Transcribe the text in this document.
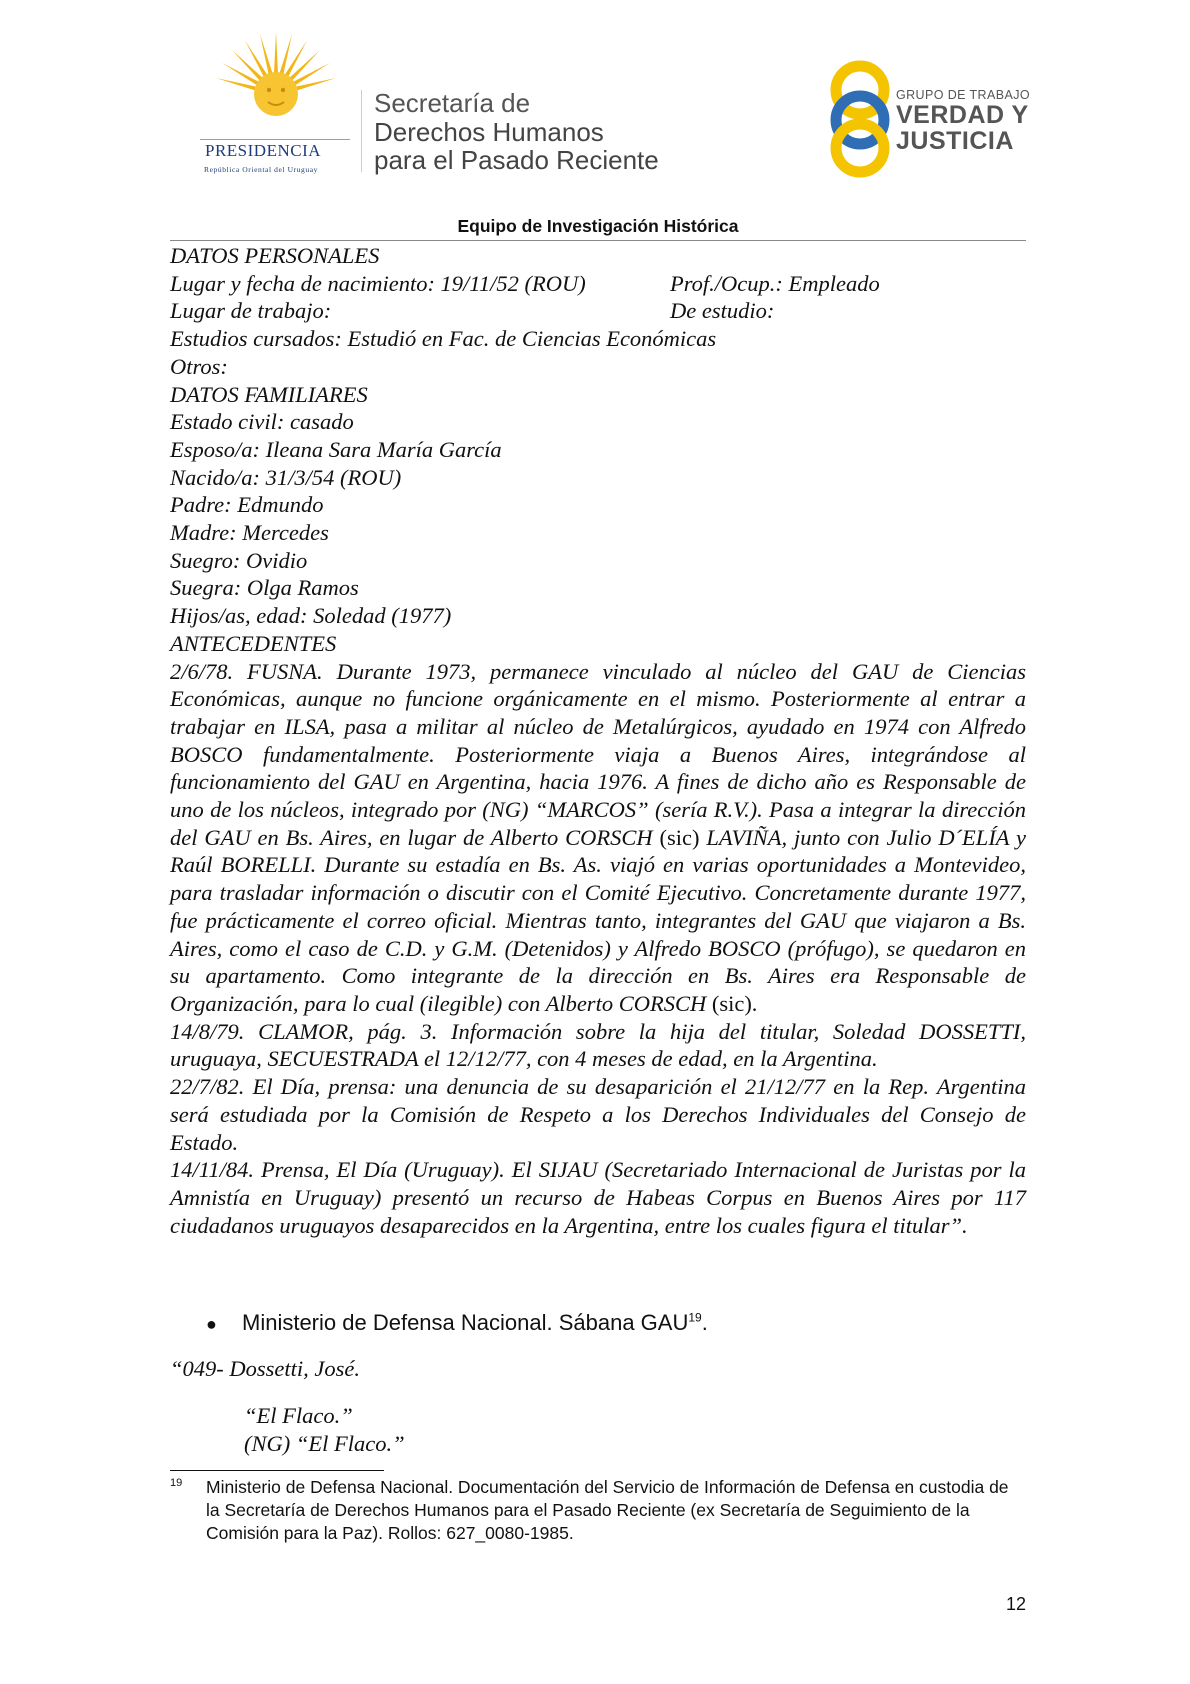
PRESIDENCIA
República Oriental del Uruguay
Secretaría de
Derechos Humanos
para el Pasado Reciente
GRUPO DE TRABAJO
VERDAD Y
JUSTICIA
Equipo de Investigación Histórica
DATOS PERSONALES
Lugar y fecha de nacimiento: 19/11/52 (ROU)	Prof./Ocup.: Empleado
Lugar de trabajo:	De estudio:
Estudios cursados: Estudió en Fac. de Ciencias Económicas
Otros:
DATOS FAMILIARES
Estado civil: casado
Esposo/a: Ileana Sara María García
Nacido/a: 31/3/54 (ROU)
Padre: Edmundo
Madre: Mercedes
Suegro: Ovidio
Suegra: Olga Ramos
Hijos/as, edad: Soledad (1977)
ANTECEDENTES
2/6/78. FUSNA. Durante 1973, permanece vinculado al núcleo del GAU de Ciencias Económicas, aunque no funcione orgánicamente en el mismo. Posteriormente al entrar a trabajar en ILSA, pasa a militar al núcleo de Metalúrgicos, ayudado en 1974 con Alfredo BOSCO fundamentalmente. Posteriormente viaja a Buenos Aires, integrándose al funcionamiento del GAU en Argentina, hacia 1976. A fines de dicho año es Responsable de uno de los núcleos, integrado por (NG) “MARCOS” (sería R.V.). Pasa a integrar la dirección del GAU en Bs. Aires, en lugar de Alberto CORSCH (sic) LAVIÑA, junto con Julio D´ELÍA y Raúl BORELLI. Durante su estadía en Bs. As. viajó en varias oportunidades a Montevideo, para trasladar información o discutir con el Comité Ejecutivo. Concretamente durante 1977, fue prácticamente el correo oficial. Mientras tanto, integrantes del GAU que viajaron a Bs. Aires, como el caso de C.D. y G.M. (Detenidos) y Alfredo BOSCO (prófugo), se quedaron en su apartamento. Como integrante de la dirección en Bs. Aires era Responsable de Organización, para lo cual (ilegible) con Alberto CORSCH (sic).
14/8/79. CLAMOR, pág. 3. Información sobre la hija del titular, Soledad DOSSETTI, uruguaya, SECUESTRADA el 12/12/77, con 4 meses de edad, en la Argentina.
22/7/82. El Día, prensa: una denuncia de su desaparición el 21/12/77 en la Rep. Argentina será estudiada por la Comisión de Respeto a los Derechos Individuales del Consejo de Estado.
14/11/84. Prensa, El Día (Uruguay). El SIJAU (Secretariado Internacional de Juristas por la Amnistía en Uruguay) presentó un recurso de Habeas Corpus en Buenos Aires por 117 ciudadanos uruguayos desaparecidos en la Argentina, entre los cuales figura el titular”.
●	Ministerio de Defensa Nacional. Sábana GAU$^{19}$.
“049- Dossetti, José.
“El Flaco.”
(NG) “El Flaco.”
19	Ministerio de Defensa Nacional. Documentación del Servicio de Información de Defensa en custodia de la Secretaría de Derechos Humanos para el Pasado Reciente (ex Secretaría de Seguimiento de la Comisión para la Paz). Rollos: 627_0080-1985.
12
